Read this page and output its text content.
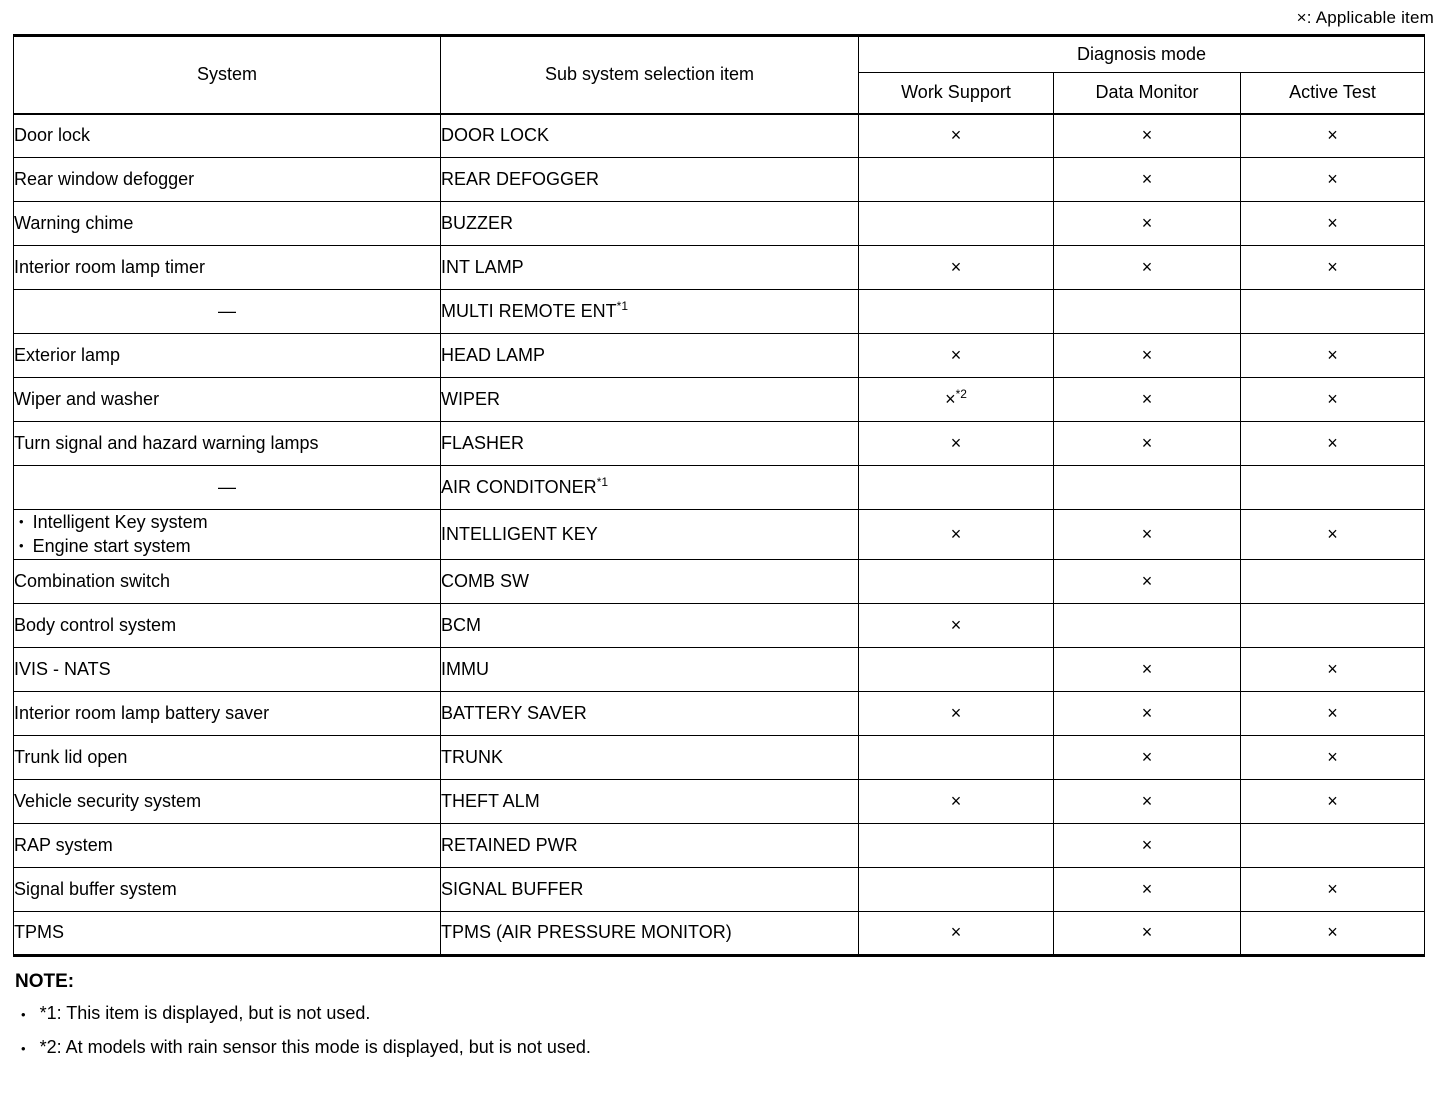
×: Applicable item
System	Sub system selection item	Diagnosis mode		
		Work Support	Data Monitor	Active Test
Door lock	DOOR LOCK	×	×	×
Rear window defogger	REAR DEFOGGER		×	×
Warning chime	BUZZER		×	×
Interior room lamp timer	INT LAMP	×	×	×
—	MULTI REMOTE ENT$^{*1}$			
Exterior lamp	HEAD LAMP	×	×	×
Wiper and washer	WIPER	×$^{*2}$	×	×
Turn signal and hazard warning lamps	FLASHER	×	×	×
—	AIR CONDITONER$^{*1}$			

• Intelligent Key system
• Engine start system	INTELLIGENT KEY	×	×	×
Combination switch	COMB SW		×	
Body control system	BCM	×		
IVIS - NATS	IMMU		×	×
Interior room lamp battery saver	BATTERY SAVER	×	×	×
Trunk lid open	TRUNK		×	×
Vehicle security system	THEFT ALM	×	×	×
RAP system	RETAINED PWR		×	
Signal buffer system	SIGNAL BUFFER		×	×
TPMS	TPMS (AIR PRESSURE MONITOR)	×	×	×
NOTE:
• *1: This item is displayed, but is not used.
• *2: At models with rain sensor this mode is displayed, but is not used.
